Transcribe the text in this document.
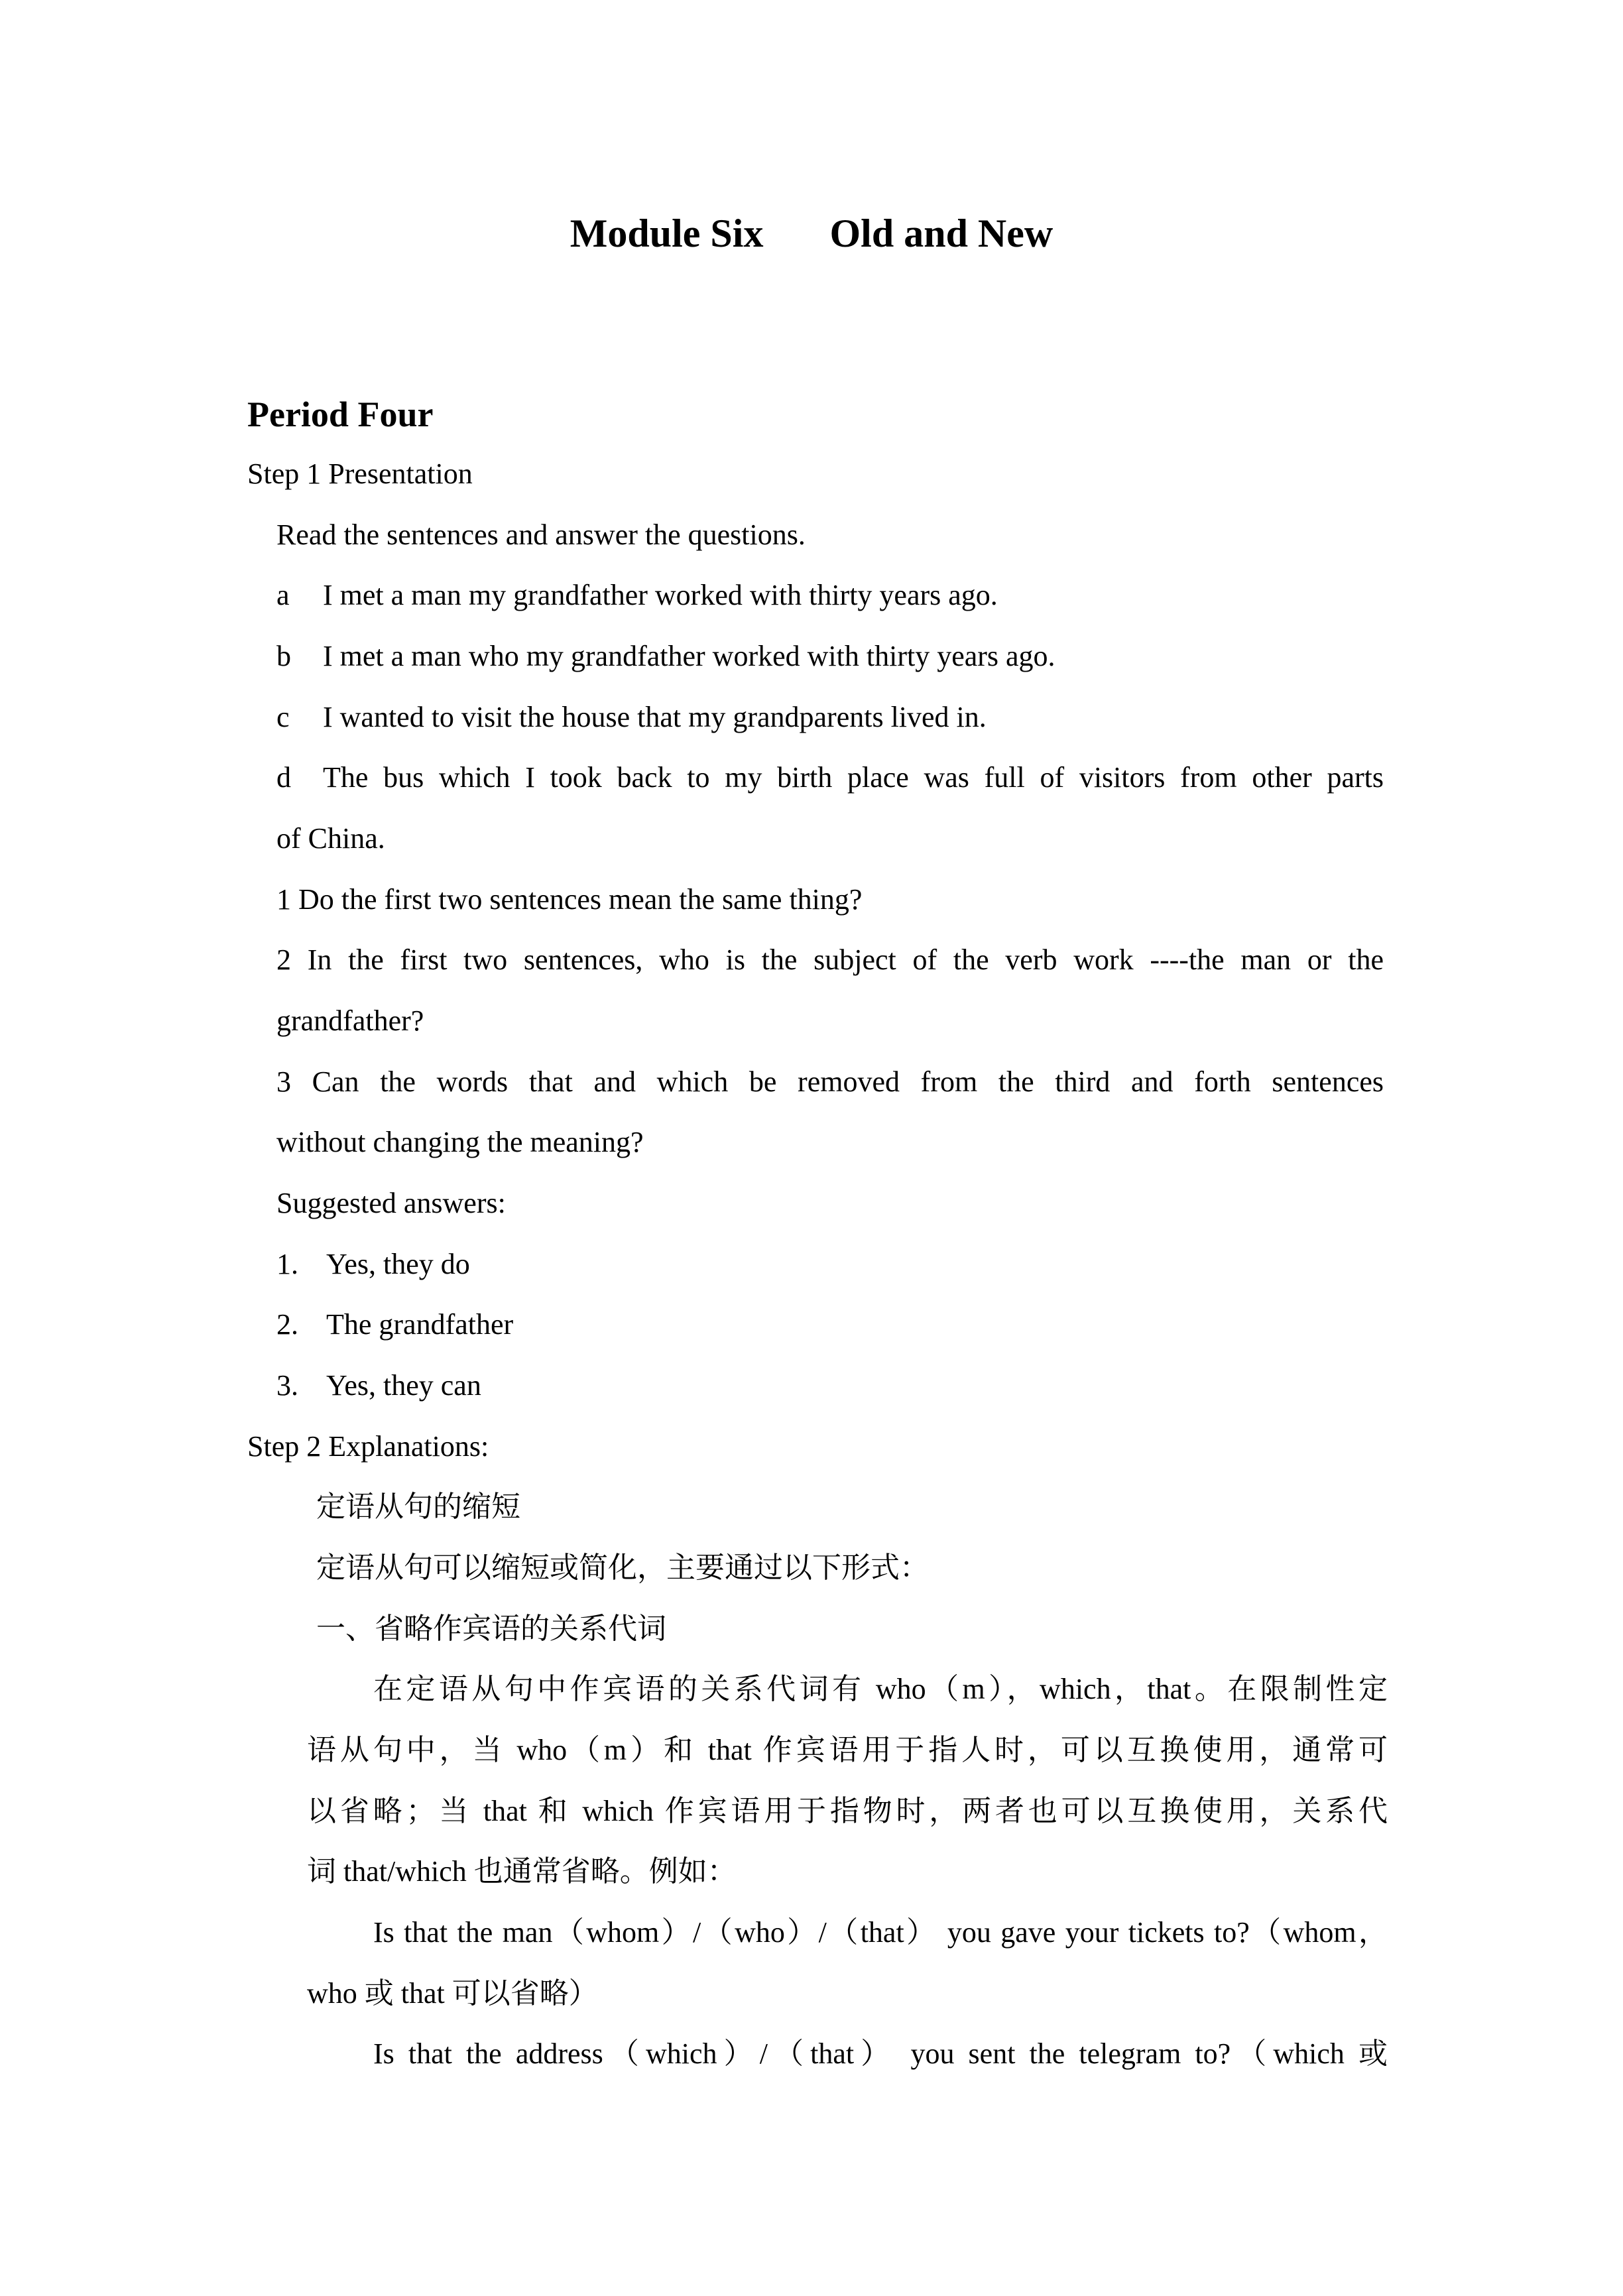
Module Six Old and New
Period Four
Step 1 Presentation
Read the sentences and answer the questions.
a I met a man my grandfather worked with thirty years ago.
b I met a man who my grandfather worked with thirty years ago.
c I wanted to visit the house that my grandparents lived in.
d The bus which I took back to my birth place was full of visitors from other parts
of China.
1 Do the first two sentences mean the same thing?
2 In the first two sentences, who is the subject of the verb work ----the man or the
grandfather?
3 Can the words that and which be removed from the third and forth sentences
without changing the meaning?
Suggested answers:
1. Yes, they do
2. The grandfather
3. Yes, they can
Step 2 Explanations:
定语从句的缩短
定语从句可以缩短或简化，主要通过以下形式：
一、省略作宾语的关系代词
在定语从句中作宾语的关系代词有 who（m），which，that。在限制性定
语从句中，当 who（m）和 that 作宾语用于指人时，可以互换使用，通常可
以省略；当 that 和 which 作宾语用于指物时，两者也可以互换使用，关系代
词 that/which 也通常省略。例如：
Is that the man（whom）/（who）/（that） you gave your tickets to?（whom，
who 或 that 可以省略）
Is that the address（which）/（that） you sent the telegram to?（which 或
